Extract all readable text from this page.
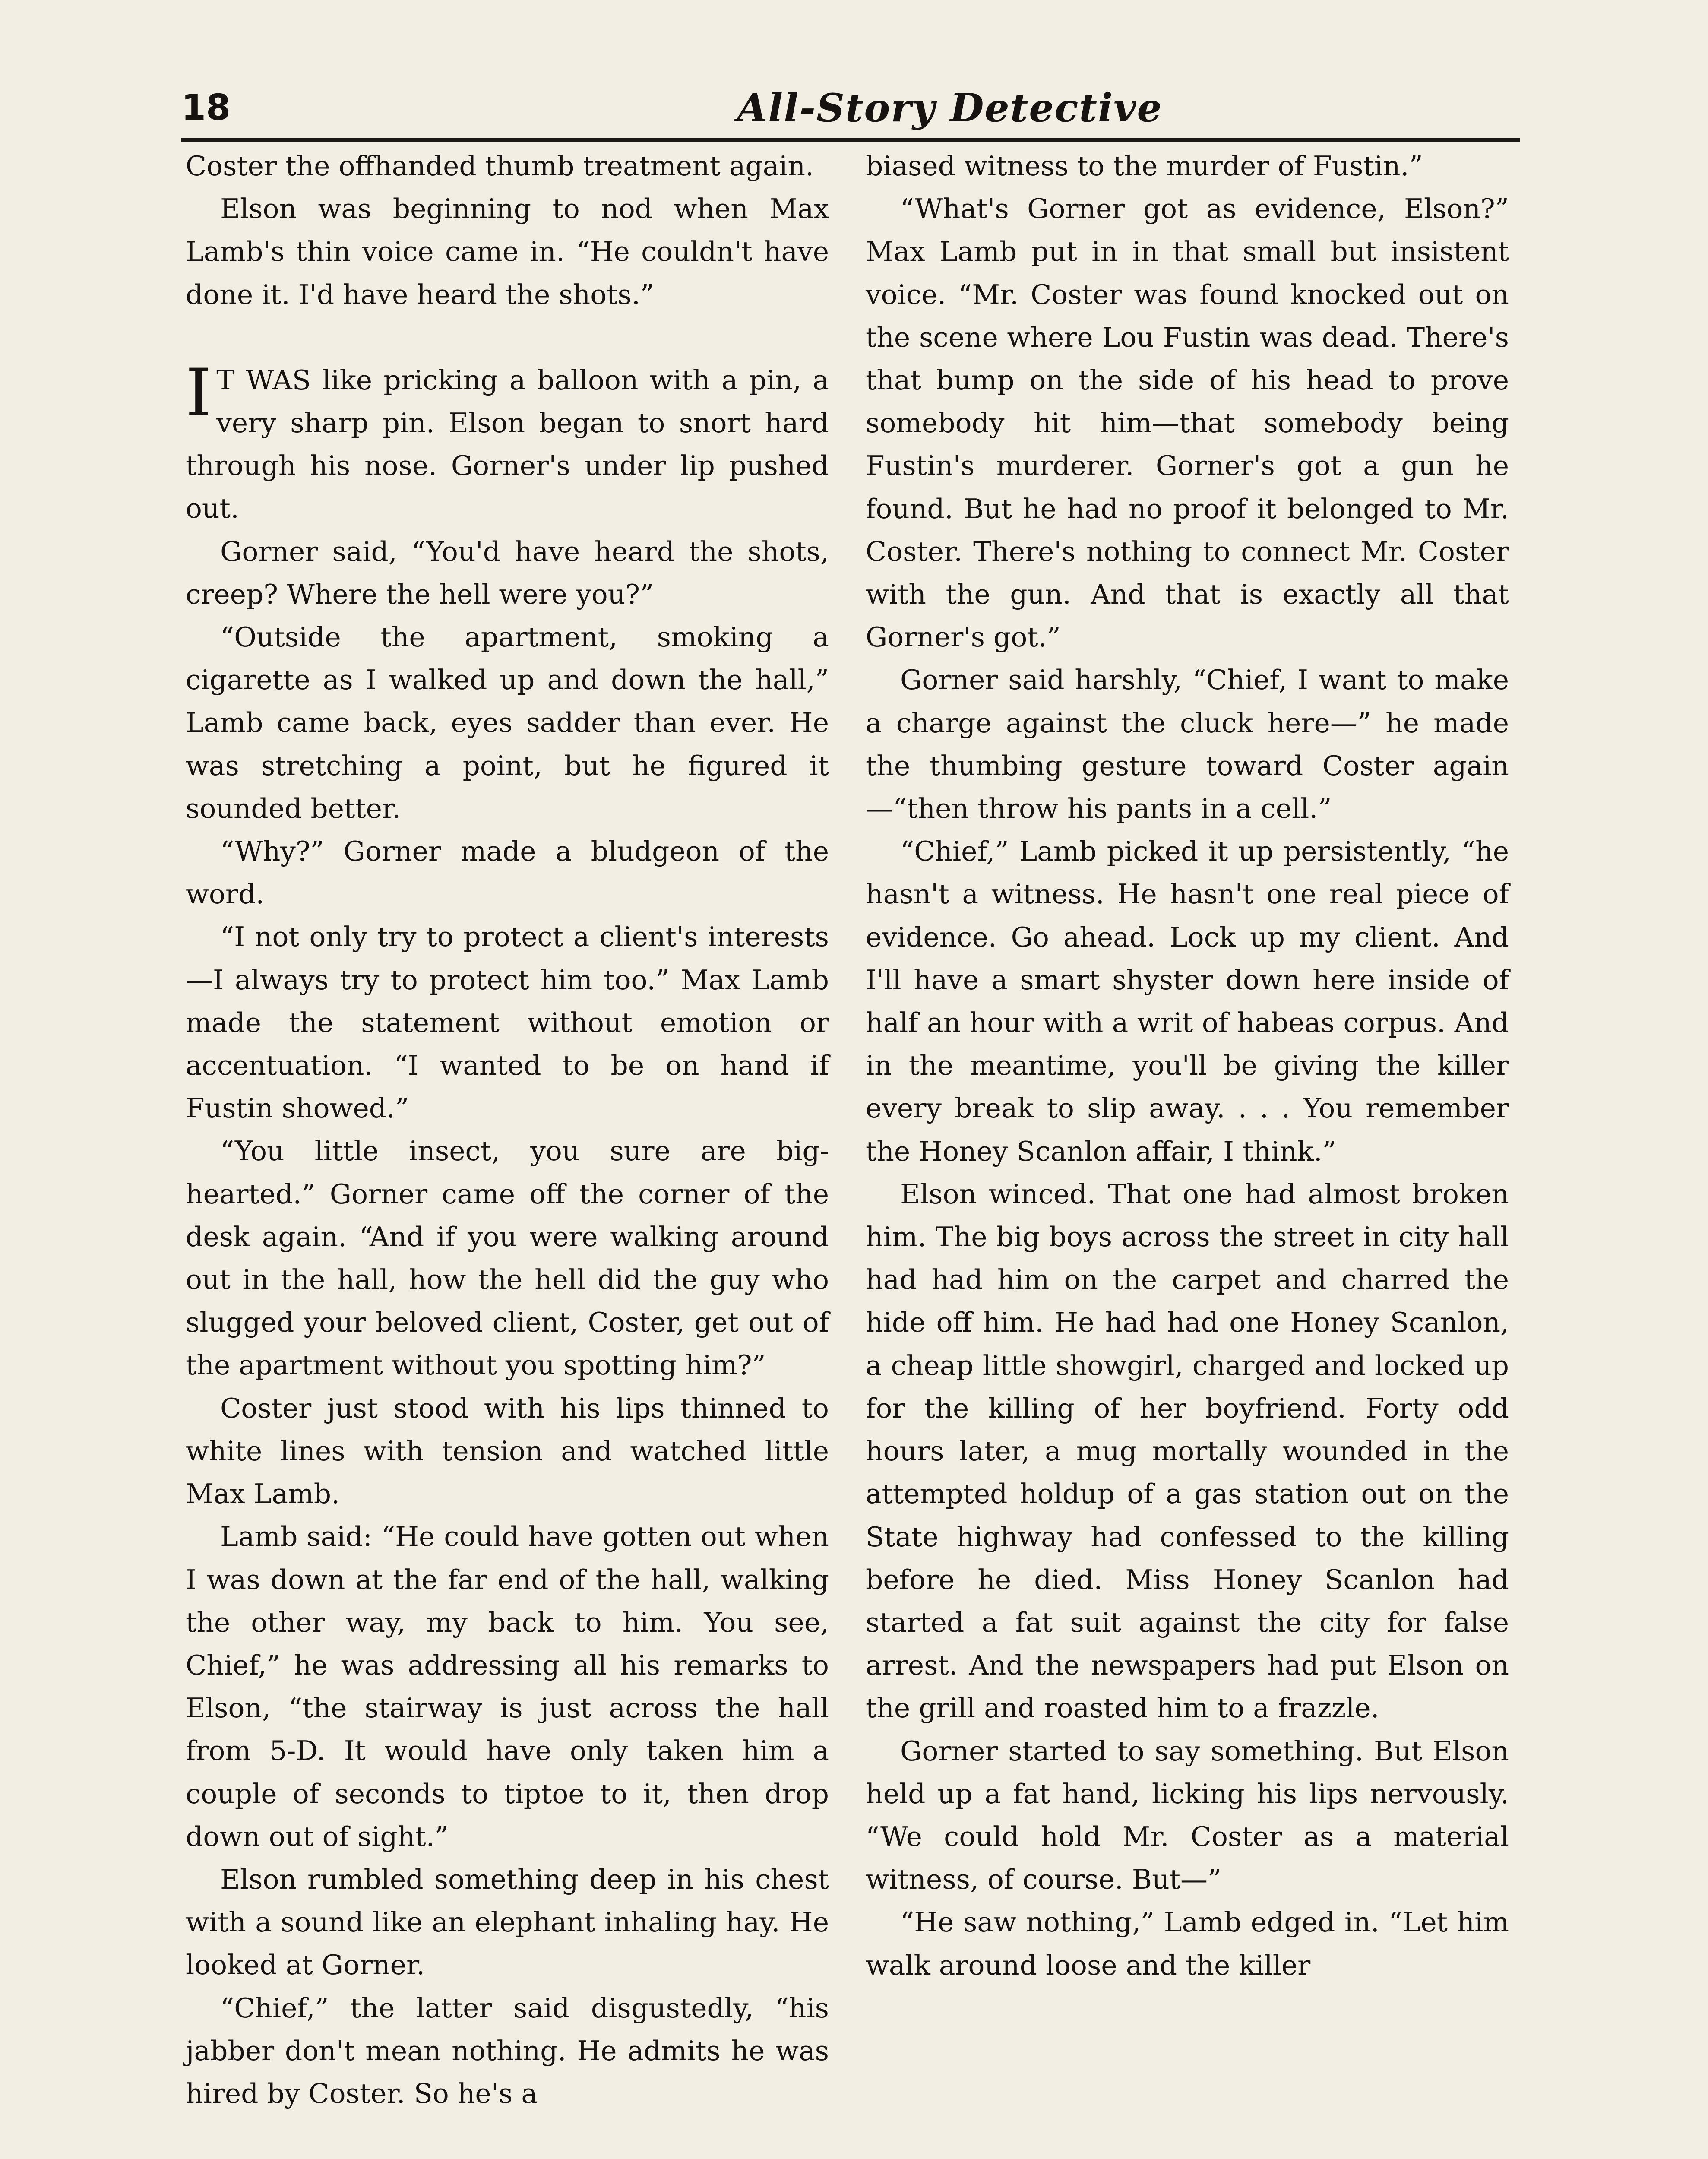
18	All-Story Detective

Coster the offhanded thumb treatment again.

Elson was beginning to nod when Max Lamb's thin voice came in. “He couldn't have done it. I'd have heard the shots.”

I T WAS like pricking a balloon with a pin, a very sharp pin. Elson began to snort hard through his nose. Gorner's under lip pushed out.

Gorner said, “You'd have heard the shots, creep? Where the hell were you?”

“Outside the apartment, smoking a cigarette as I walked up and down the hall,” Lamb came back, eyes sadder than ever. He was stretching a point, but he figured it sounded better.

“Why?” Gorner made a bludgeon of the word.

“I not only try to protect a client's interests—I always try to protect him too.” Max Lamb made the statement without emotion or accentuation. “I wanted to be on hand if Fustin showed.”

“You little insect, you sure are big-hearted.” Gorner came off the corner of the desk again. “And if you were walking around out in the hall, how the hell did the guy who slugged your beloved client, Coster, get out of the apartment without you spotting him?”

Coster just stood with his lips thinned to white lines with tension and watched little Max Lamb.

Lamb said: “He could have gotten out when I was down at the far end of the hall, walking the other way, my back to him. You see, Chief,” he was addressing all his remarks to Elson, “the stairway is just across the hall from 5-D. It would have only taken him a couple of seconds to tiptoe to it, then drop down out of sight.”

Elson rumbled something deep in his chest with a sound like an elephant inhaling hay. He looked at Gorner.

“Chief,” the latter said disgustedly, “his jabber don't mean nothing. He admits he was hired by Coster. So he's a

biased witness to the murder of Fustin.”

“What's Gorner got as evidence, Elson?” Max Lamb put in in that small but insistent voice. “Mr. Coster was found knocked out on the scene where Lou Fustin was dead. There's that bump on the side of his head to prove somebody hit him—that somebody being Fustin's murderer. Gorner's got a gun he found. But he had no proof it belonged to Mr. Coster. There's nothing to connect Mr. Coster with the gun. And that is exactly all that Gorner's got.”

Gorner said harshly, “Chief, I want to make a charge against the cluck here—” he made the thumbing gesture toward Coster again—“then throw his pants in a cell.”

“Chief,” Lamb picked it up persistently, “he hasn't a witness. He hasn't one real piece of evidence. Go ahead. Lock up my client. And I'll have a smart shyster down here inside of half an hour with a writ of habeas corpus. And in the meantime, you'll be giving the killer every break to slip away. . . . You remember the Honey Scanlon affair, I think.”

Elson winced. That one had almost broken him. The big boys across the street in city hall had had him on the carpet and charred the hide off him. He had had one Honey Scanlon, a cheap little showgirl, charged and locked up for the killing of her boyfriend. Forty odd hours later, a mug mortally wounded in the attempted holdup of a gas station out on the State highway had confessed to the killing before he died. Miss Honey Scanlon had started a fat suit against the city for false arrest. And the newspapers had put Elson on the grill and roasted him to a frazzle.

Gorner started to say something. But Elson held up a fat hand, licking his lips nervously. “We could hold Mr. Coster as a material witness, of course. But—”

“He saw nothing,” Lamb edged in. “Let him walk around loose and the killer
